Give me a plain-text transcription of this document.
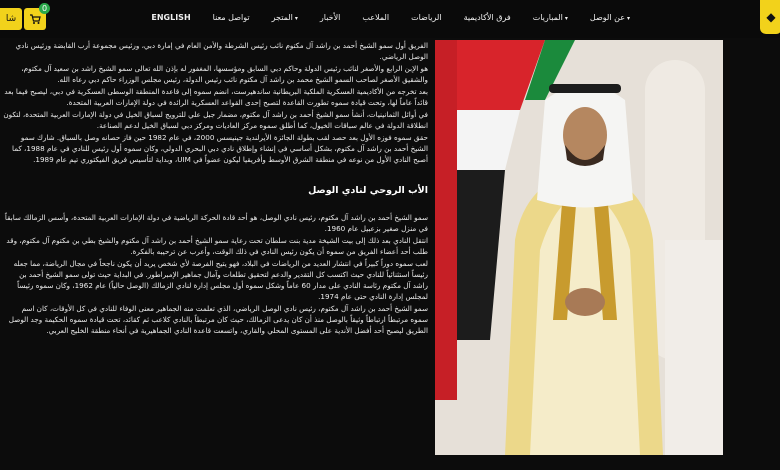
◆
شا
0
عن الوصل ▾
المباريات ▾
فرق الأكاديمية
الرياضات
الملاعب
الأخبار
المتجر ▾
تواصل معنا
ENGLISH

الفريق أول سمو الشيخ أحمد بن راشد آل مكتوم نائب رئيس الشرطة والأمن العام في إمارة دبي، ورئيس مجموعة أرب القابضة ورئيس نادي الوصل الرياضي.

هو الإبن الرابع والأصغر لنائب رئيس الدولة وحاكم دبي السابق ومؤسسها، المغفور له بإذن الله تعالى سمو الشيخ راشد بن سعيد آل مكتوم، والشقيق الأصغر لصاحب السمو الشيخ محمد بن راشد آل مكتوم نائب رئيس الدولة، رئيس مجلس الوزراء حاكم دبي رعاه الله.

بعد تخرجه من الأكاديمية العسكرية الملكية البريطانية ساندهيرست، انضم سموه إلى قاعدة المنطقة الوسطى العسكرية في دبي، ليصبح فيما بعد قائداً عاماً لها، وتحت قيادة سموه تطورت القاعدة لتصبح إحدى القواعد العسكرية الرائدة في دولة الإمارات العربية المتحدة.

في أوائل الثمانينيات، أنشأ سمو الشيخ أحمد بن راشد آل مكتوم، مضمار جبل علي للترويج لسباق الخيل في دولة الإمارات العربية المتحدة، لتكون انطلاقة الدولة في عالم سباقات الخيول، كما أطلق سموه مركز العاديات ومركز دبي لسباق الخيل لدعم الصناعة.

حقق سموه فوزه الأول بعد حصد لقب بطولة الجائزة الأيرلندية جينيسس 2000، في عام 1982 حين فاز حصانه وصل بالسباق. شارك سمو الشيخ أحمد بن راشد آل مكتوم، بشكل أساسي في إنشاء وإطلاق نادي دبي البحري الدولي، وكان سموه أول رئيس للنادي في عام 1988، كما أصبح النادي الأول من نوعه في منطقة الشرق الأوسط وأفريقيا ليكون عضواً في UIM، وبداية لتأسيس فريق الفيكتوري تيم عام 1989.

الأب الروحي لنادي الوصل

سمو الشيخ أحمد بن راشد آل مكتوم، رئيس نادي الوصل، هو أحد قادة الحركة الرياضية في دولة الإمارات العربية المتحدة، وأسس الزمالك سابقاً في منزل صغير بزعبيل عام 1960.

انتقل النادي بعد ذلك إلى بيت الشيخة مدية بنت سلطان تحت رعاية سمو الشيخ أحمد بن راشد آل مكتوم والشيخ بطي بن مكتوم آل مكتوم، وقد طلب أحد أعضاء الفريق من سموه أن يكون رئيس النادي في ذلك الوقت، وأعرب عن ترحيبه بالفكرة.

لعب سموه دوراً كبيراً في انتشار العديد من الرياضات في البلاد، فهو يتيح الفرصة لأي شخص يريد أن يكون ناجحاً في مجال الرياضة، مما جعله رئيساً استثنائياً للنادي حيث اكتسب كل التقدير والدعم لتحقيق تطلعات وآمال جماهير الإمبراطور. في البداية حيث تولى سمو الشيخ أحمد بن راشد آل مكتوم رئاسة النادي على مدار 60 عاماً وشكل سموه أول مجلس إدارة لنادي الزمالك (الوصل حالياً) عام 1962، وكان سموه رئيساً لمجلس إدارة النادي حتى عام 1974.

سمو الشيخ أحمد بن راشد آل مكتوم، رئيس نادي الوصل الرياضي، الذي تعلمت منه الجماهير معنى الوفاء للنادي في كل الأوقات، كان اسم سموه مرتبطاً ارتباطاً وثيقاً بالوصل منذ أن كان يدعى الزمالك، حيث كان مرتبطاً بالنادي كلاعب ثم كقائد، تحت قيادة سموه الحكيمة وجد الوصل الطريق ليصبح أحد أفضل الأندية على المستوى المحلي والقاري، واتسعت قاعدة النادي الجماهيرية في أنحاء منطقة الخليج العربي.
